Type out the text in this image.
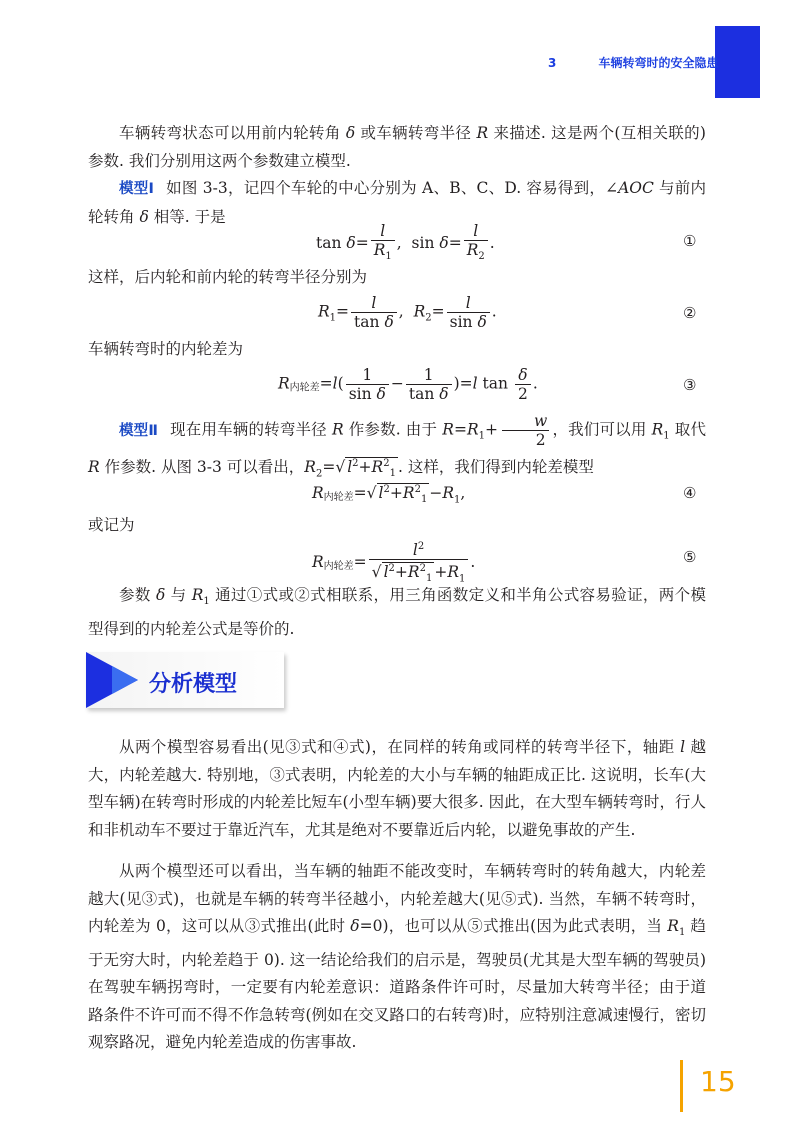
3	车辆转弯时的安全隐患
车辆转弯状态可以用前内轮转角 δ 或车辆转弯半径 R 来描述. 这是两个(互相关联的)参数. 我们分别用这两个参数建立模型.
模型Ⅰ 如图 3-3，记四个车轮的中心分别为 A、B、C、D. 容易得到，∠AOC 与前内轮转角 δ 相等. 于是
$\tan \delta= \frac{l}{R_1}$ ,  $\sin \delta= \frac{l}{R_2}$ .	①
这样，后内轮和前内轮的转弯半径分别为
$R_1= \frac{l}{\text{tan δ}}$ ,  $R_2= \frac{l}{\text{sin δ}}$ .	②
车辆转弯时的内轮差为
R内轮差$=l( \frac{1}{\text{sin δ}} - \frac{1}{\text{tan δ}} )=l$ $\tan \frac{\delta}{2}$ .	③
模型Ⅱ 现在用车辆的转弯半径 R 作参数. 由于 $R=R_1+ \frac{w}{2}$ ，我们可以用 $R_1$ 取代 R 作参数. 从图 3-3 可以看出，$R_2=√$ $l^2+R^2_1$ . 这样，我们得到内轮差模型
R内轮差=√ $l^2+R^2_1 -R_1$,	④
或记为
R内轮差= $\frac{l^2}{√ l^2+R^2_1 +R_1}$ .	⑤
参数 δ 与 $R_1$ 通过①式或②式相联系，用三角函数定义和半角公式容易验证，两个模型得到的内轮差公式是等价的.
分析模型
从两个模型容易看出(见③式和④式)，在同样的转角或同样的转弯半径下，轴距 l 越大，内轮差越大. 特别地，③式表明，内轮差的大小与车辆的轴距成正比. 这说明，长车(大型车辆)在转弯时形成的内轮差比短车(小型车辆)要大很多. 因此，在大型车辆转弯时，行人和非机动车不要过于靠近汽车，尤其是绝对不要靠近后内轮，以避免事故的产生.
从两个模型还可以看出，当车辆的轴距不能改变时，车辆转弯时的转角越大，内轮差越大(见③式)，也就是车辆的转弯半径越小，内轮差越大(见⑤式). 当然，车辆不转弯时，内轮差为 0，这可以从③式推出(此时 δ=0)，也可以从⑤式推出(因为此式表明，当 $R_1$ 趋于无穷大时，内轮差趋于 0). 这一结论给我们的启示是，驾驶员(尤其是大型车辆的驾驶员)在驾驶车辆拐弯时，一定要有内轮差意识：道路条件许可时，尽量加大转弯半径；由于道路条件不许可而不得不作急转弯(例如在交叉路口的右转弯)时，应特别注意减速慢行，密切观察路况，避免内轮差造成的伤害事故.
15
